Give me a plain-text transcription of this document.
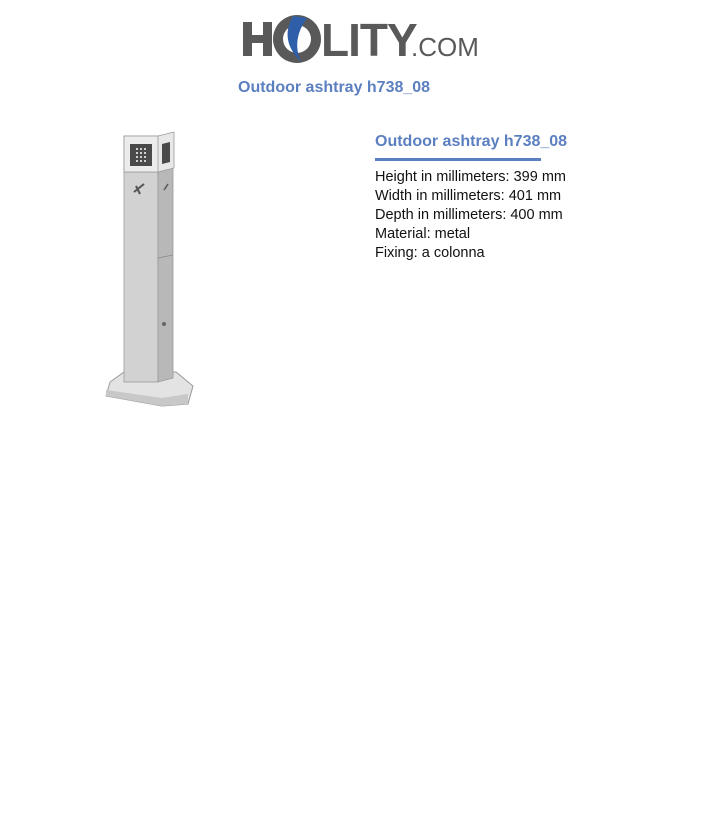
LITY
.COM
Outdoor ashtray h738_08
Outdoor ashtray h738_08
Height in millimeters: 399 mm
Width in millimeters: 401 mm
Depth in millimeters: 400 mm
Material: metal
Fixing: a colonna
